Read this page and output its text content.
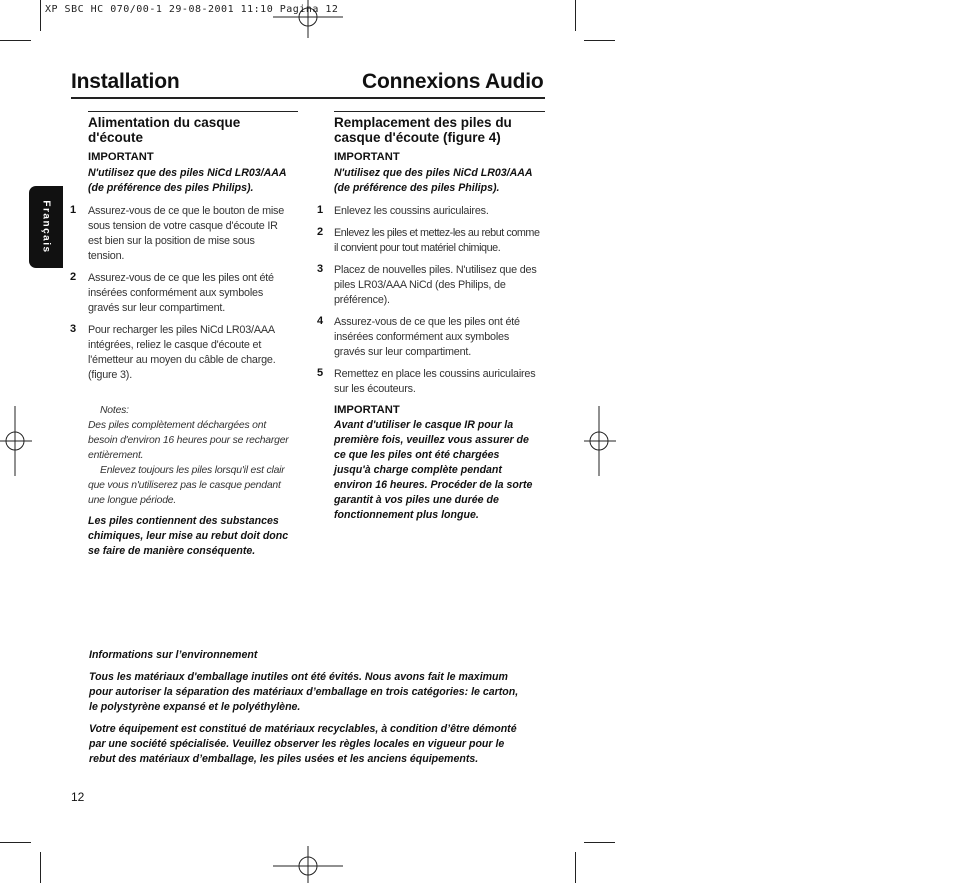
XP SBC HC 070/00-1 29-08-2001 11:10 Pagina 12
Installation	Connexions Audio
Français
Alimentation du casque
d'écoute
IMPORTANT
N'utilisez que des piles NiCd LR03/AAA
(de préférence des piles Philips).
1 Assurez-vous de ce que le bouton de mise
sous tension de votre casque d'écoute IR
est bien sur la position de mise sous
tension.
2 Assurez-vous de ce que les piles ont été
insérées conformément aux symboles
gravés sur leur compartiment.
3 Pour recharger les piles NiCd LR03/AAA
intégrées, reliez le casque d'écoute et
l'émetteur au moyen du câble de charge.
(figure 3).
Notes:
Des piles complètement déchargées ont
besoin d'environ 16 heures pour se recharger
entièrement.
Enlevez toujours les piles lorsqu'il est clair
que vous n'utiliserez pas le casque pendant
une longue période.
Les piles contiennent des substances
chimiques, leur mise au rebut doit donc
se faire de manière conséquente.
Remplacement des piles du
casque d'écoute (figure 4)
IMPORTANT
N'utilisez que des piles NiCd LR03/AAA
(de préférence des piles Philips).
1 Enlevez les coussins auriculaires.
2 Enlevez les piles et mettez-les au rebut comme
il convient pour tout matériel chimique.
3 Placez de nouvelles piles. N'utilisez que des
piles LR03/AAA NiCd (des Philips, de
préférence).
4 Assurez-vous de ce que les piles ont été
insérées conformément aux symboles
gravés sur leur compartiment.
5 Remettez en place les coussins auriculaires
sur les écouteurs.
IMPORTANT
Avant d'utiliser le casque IR pour la
première fois, veuillez vous assurer de
ce que les piles ont été chargées
jusqu'à charge complète pendant
environ 16 heures. Procéder de la sorte
garantit à vos piles une durée de
fonctionnement plus longue.
Informations sur l’environnement
Tous les matériaux d'emballage inutiles ont été évités. Nous avons fait le maximum
pour autoriser la séparation des matériaux d’emballage en trois catégories: le carton,
le polystyrène expansé et le polyéthylène.
Votre équipement est constitué de matériaux recyclables, à condition d’être démonté
par une société spécialisée. Veuillez observer les règles locales en vigueur pour le
rebut des matériaux d’emballage, les piles usées et les anciens équipements.
12
